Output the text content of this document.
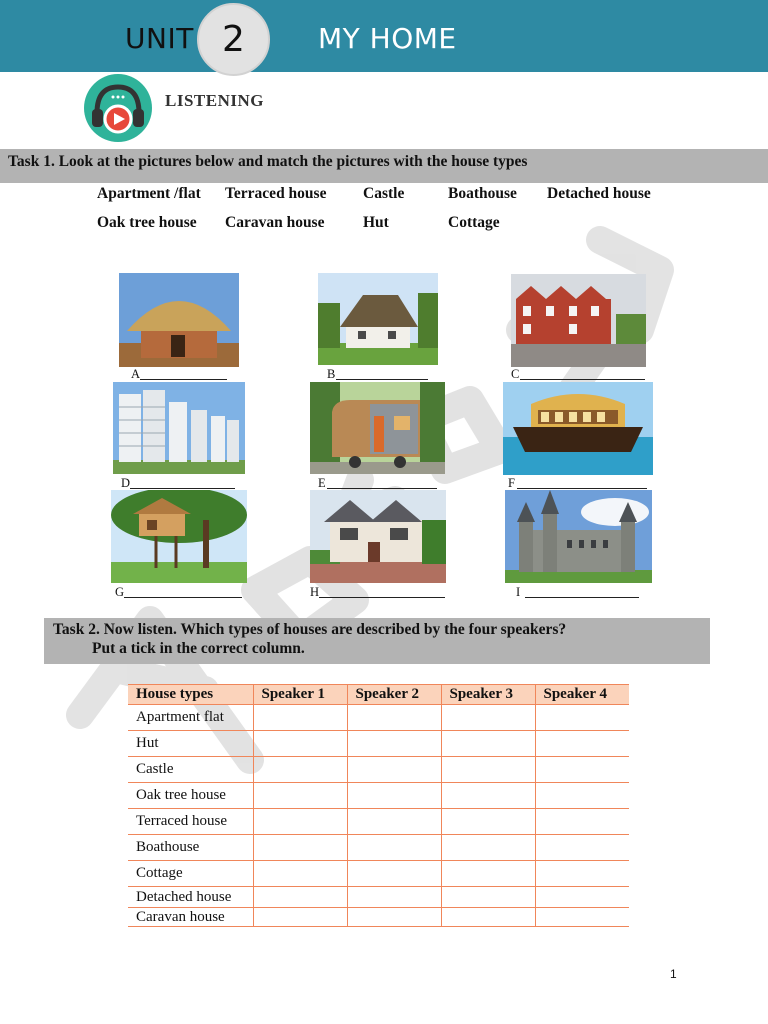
UNIT 2	MY HOME
LISTENING
Task 1. Look at the pictures below and match the pictures with the house types
Apartment /flat Terraced house Castle	Boathouse Detached house
Oak tree house Caravan house Hut	Cottage
A	B	C
D	E	F
G	H	I
Task 2. Now listen. Which types of houses are described by the four speakers?
Put a tick in the correct column.
House types	Speaker 1	Speaker 2	Speaker 3	Speaker 4
Apartment flat				
Hut				
Castle				
Oak tree house				
Terraced house				
Boathouse				
Cottage				
Detached house				
Caravan house				
1
